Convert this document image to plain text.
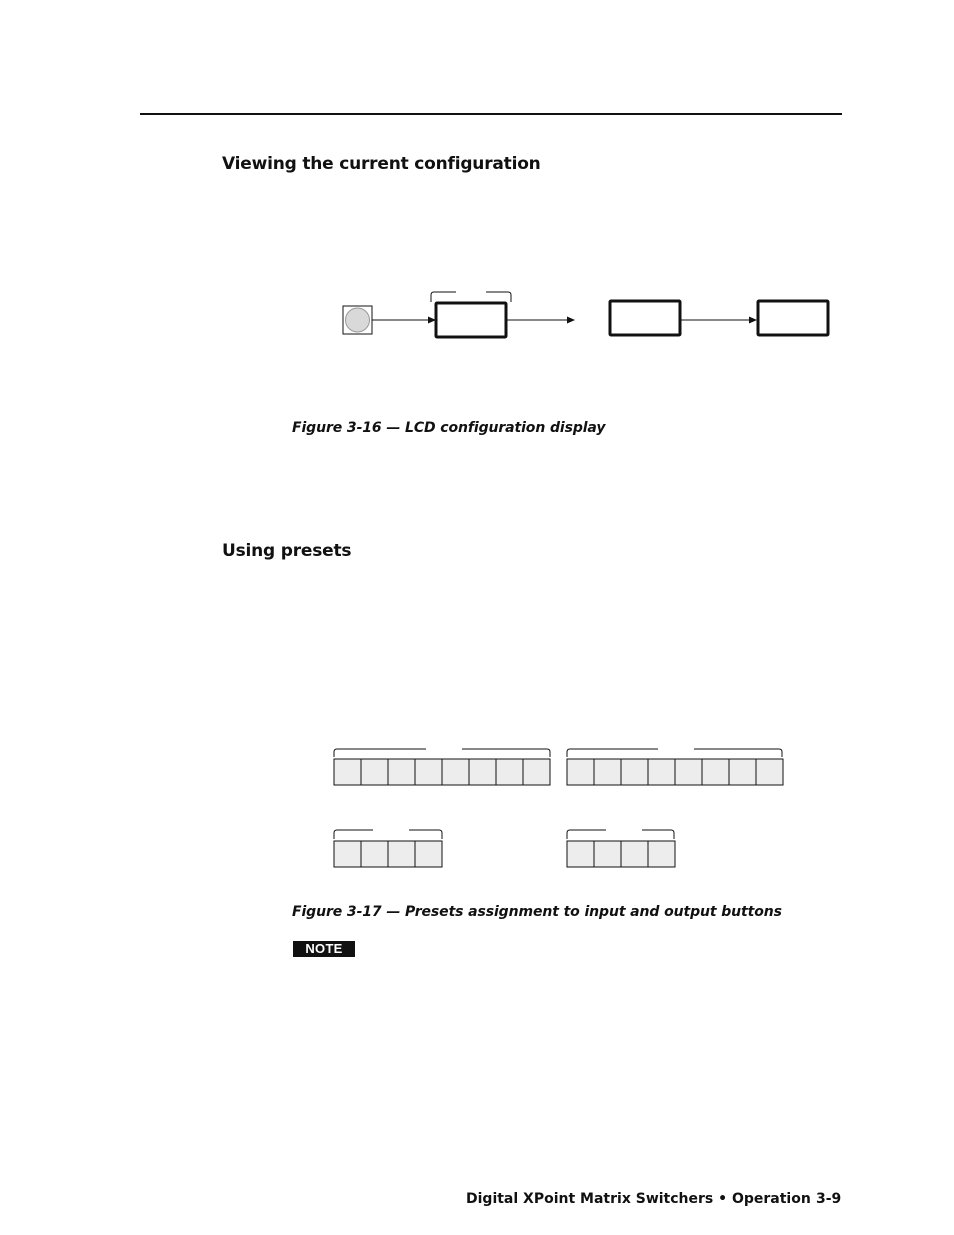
Viewing the current configuration
Figure 3-16 — LCD configuration display
Using presets
Figure 3-17 — Presets assignment to input and output buttons
NOTE
Digital XPoint Matrix Switchers • Operation 3-9
